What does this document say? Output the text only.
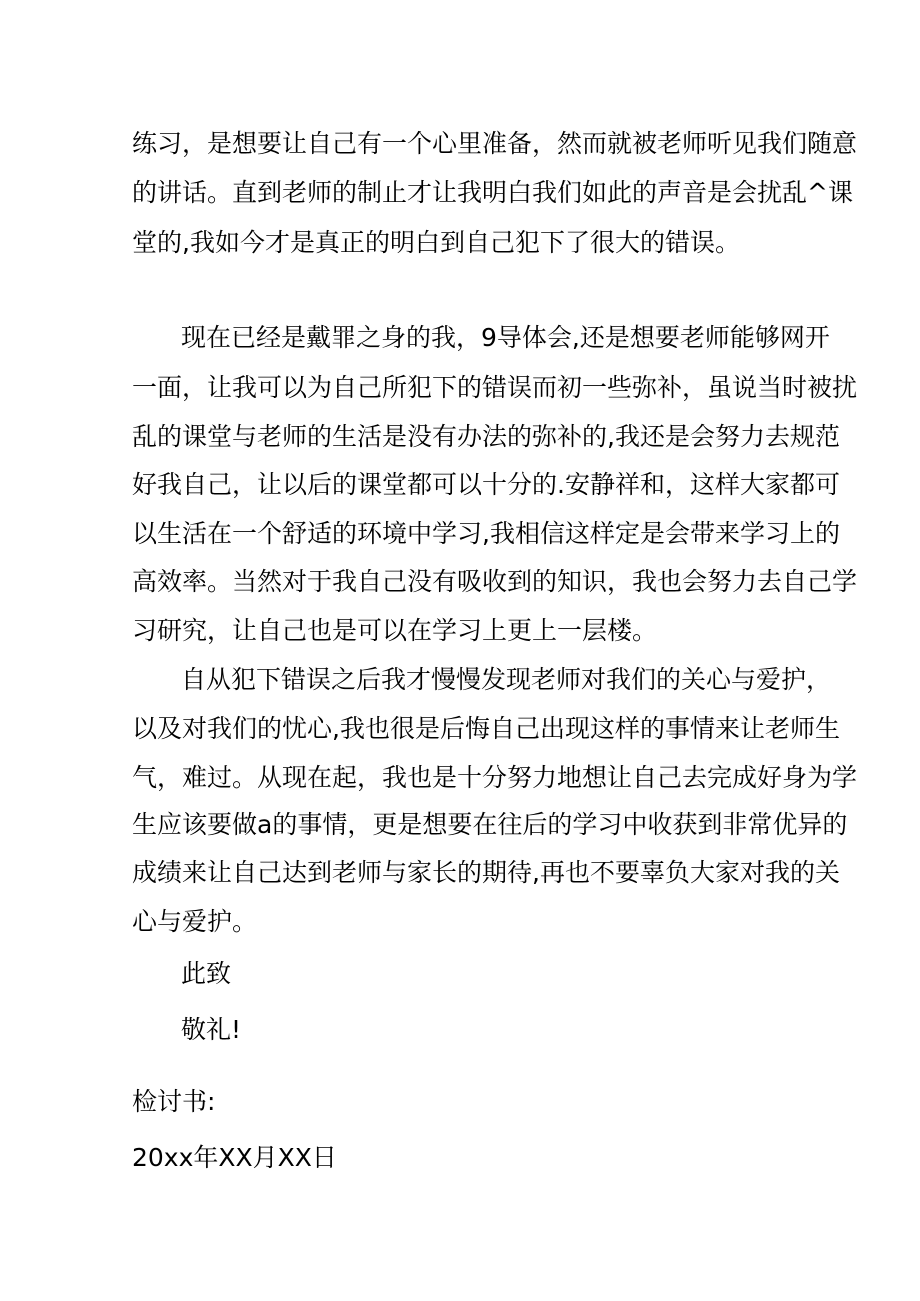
练习，是想要让自己有一个心里准备，然而就被老师听见我们随意
的讲话。直到老师的制止才让我明白我们如此的声音是会扰乱^课
堂的,我如今才是真正的明白到自己犯下了很大的错误。
现在已经是戴罪之身的我，9导体会,还是想要老师能够网开
一面，让我可以为自己所犯下的错误而初一些弥补，虽说当时被扰
乱的课堂与老师的生活是没有办法的弥补的,我还是会努力去规范
好我自己，让以后的课堂都可以十分的.安静祥和，这样大家都可
以生活在一个舒适的环境中学习,我相信这样定是会带来学习上的
高效率。当然对于我自己没有吸收到的知识，我也会努力去自己学
习研究，让自己也是可以在学习上更上一层楼。
自从犯下错误之后我才慢慢发现老师对我们的关心与爱护，
以及对我们的忧心,我也很是后悔自己出现这样的事情来让老师生
气，难过。从现在起，我也是十分努力地想让自己去完成好身为学
生应该要做a的事情，更是想要在往后的学习中收获到非常优异的
成绩来让自己达到老师与家长的期待,再也不要辜负大家对我的关
心与爱护。
此致
敬礼!
检讨书:
20xx年XX月XX日
